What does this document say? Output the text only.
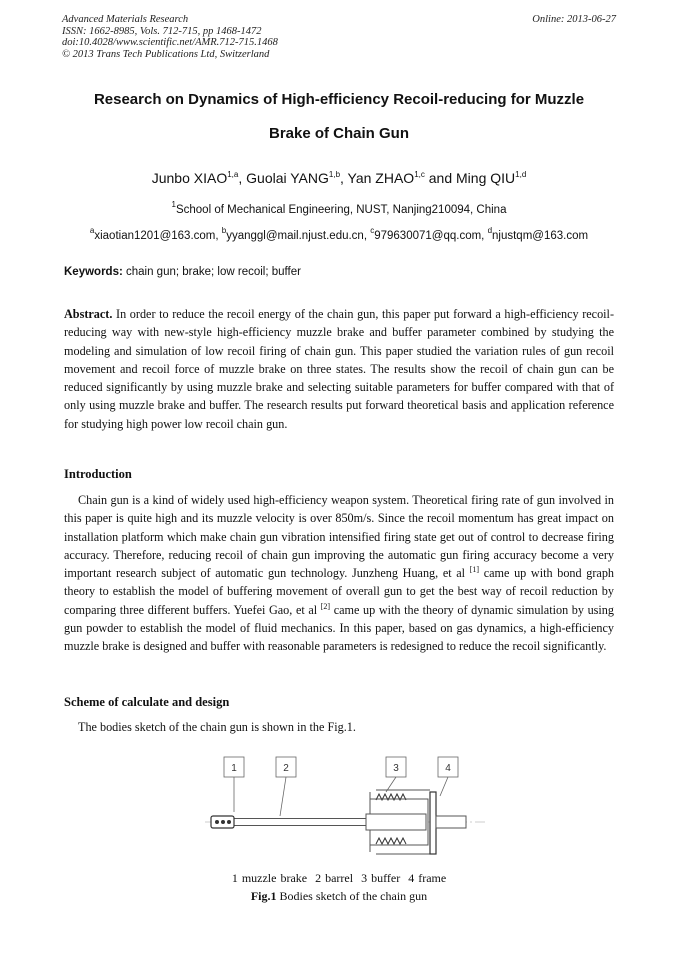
Advanced Materials Research
ISSN: 1662-8985, Vols. 712-715, pp 1468-1472
doi:10.4028/www.scientific.net/AMR.712-715.1468
© 2013 Trans Tech Publications Ltd, Switzerland
Online: 2013-06-27
Research on Dynamics of High-efficiency Recoil-reducing for Muzzle
Brake of Chain Gun
Junbo XIAO$^{1,a}$, Guolai YANG$^{1,b}$, Yan ZHAO$^{1,c}$ and Ming QIU$^{1,d}$
$^1$School of Mechanical Engineering, NUST, Nanjing210094, China
$^a$xiaotian1201@163.com, $^b$yyanggl@mail.njust.edu.cn, $^c$979630071@qq.com, $^d$njustqm@163.com
Keywords: chain gun; brake; low recoil; buffer
Abstract. In order to reduce the recoil energy of the chain gun, this paper put forward a high-efficiency recoil-reducing way with new-style high-efficiency muzzle brake and buffer parameter combined by studying the modeling and simulation of low recoil firing of chain gun. This paper studied the variation rules of gun recoil movement and recoil force of muzzle brake on three states. The results show the recoil of chain gun can be reduced significantly by using muzzle brake and selecting suitable parameters for buffer compared with that of only using muzzle brake and buffer. The research results put forward theoretical basis and application reference for studying high power low recoil chain gun.
Introduction
Chain gun is a kind of widely used high-efficiency weapon system. Theoretical firing rate of gun involved in this paper is quite high and its muzzle velocity is over 850m/s. Since the recoil momentum has great impact on installation platform which make chain gun vibration intensified firing state get out of control to decrease firing accuracy. Therefore, reducing recoil of chain gun improving the automatic gun firing accuracy become a very important research subject of automatic gun technology. Junzheng Huang, et al [1] came up with bond graph theory to establish the model of buffering movement of overall gun to get the best way of recoil reduction by comparing three different buffers. Yuefei Gao, et al [2] came up with the theory of dynamic simulation by using gun powder to establish the model of fluid mechanics. In this paper, based on gas dynamics, a high-efficiency muzzle brake is designed and buffer with reasonable parameters is redesigned to reduce the recoil significantly.
Scheme of calculate and design
The bodies sketch of the chain gun is shown in the Fig.1.
1	2	3	4
1 muzzle brake 2 barrel 3 buffer 4 frame
Fig.1 Bodies sketch of the chain gun
